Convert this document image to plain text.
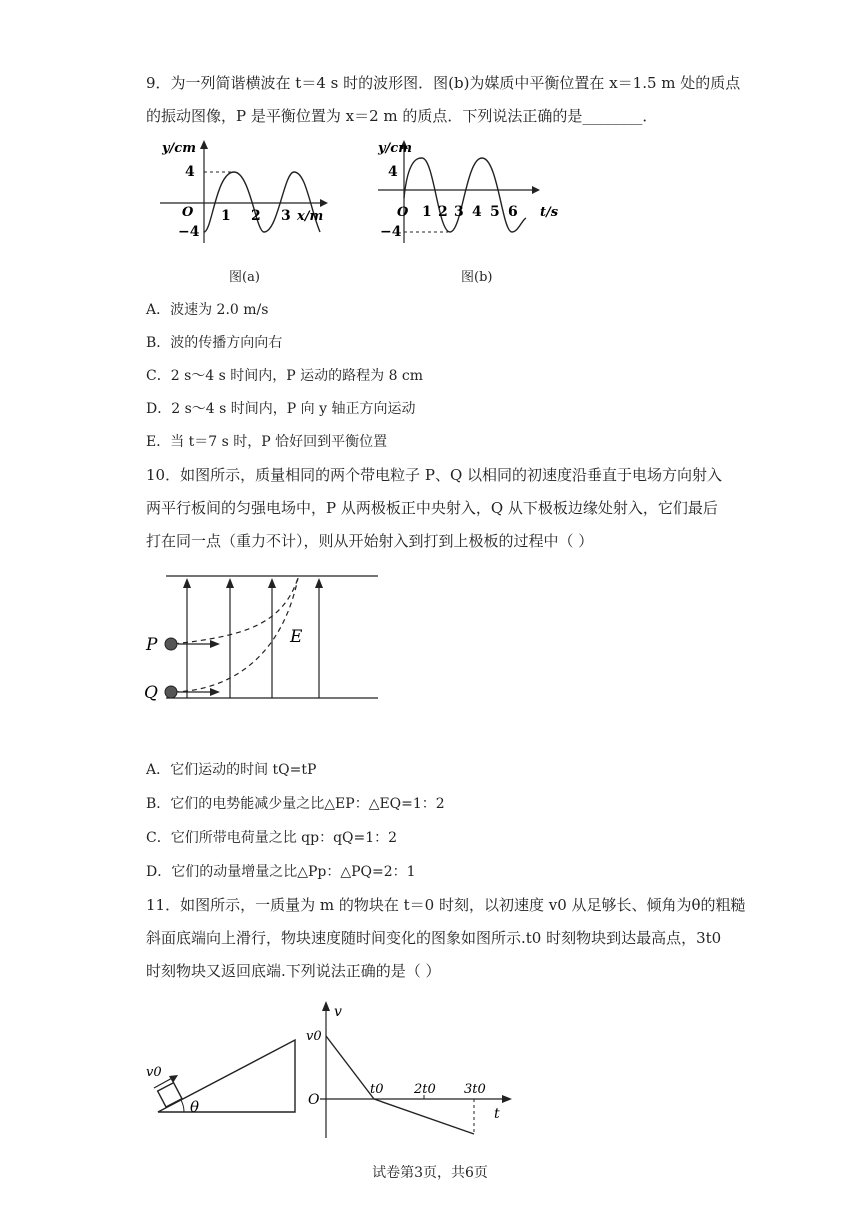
9．为一列简谐横波在 t＝4 s 时的波形图．图(b)为媒质中平衡位置在 x＝1.5 m 处的质点
的振动图像，P 是平衡位置为 x＝2 m 的质点．下列说法正确的是________．
y/cm
O
4
−4
1 2 3 x/m
图(a)
y/cm
O
4
−4
1 2 3 4 5 6 t/s
图(b)
A．波速为 2.0 m/s
B．波的传播方向向右
C．2 s～4 s 时间内，P 运动的路程为 8 cm
D．2 s～4 s 时间内，P 向 y 轴正方向运动
E．当 t＝7 s 时，P 恰好回到平衡位置
10．如图所示，质量相同的两个带电粒子 P、Q 以相同的初速度沿垂直于电场方向射入
两平行板间的匀强电场中，P 从两极板正中央射入，Q 从下极板边缘处射入，它们最后
打在同一点（重力不计），则从开始射入到打到上极板的过程中（ ）
P
Q
E
A．它们运动的时间 tQ=tP
B．它们的电势能减少量之比△EP：△EQ=1：2
C．它们所带电荷量之比 qp：qQ=1：2
D．它们的动量增量之比△Pp：△PQ=2：1
11．如图所示，一质量为 m 的物块在 t＝0 时刻，以初速度 v0 从足够长、倾角为θ的粗糙
斜面底端向上滑行，物块速度随时间变化的图象如图所示.t0 时刻物块到达最高点，3t0
时刻物块又返回底端.下列说法正确的是（ ）
v0
θ
v
v0
O
t0 2t0 3t0
t
试卷第3页，共6页
